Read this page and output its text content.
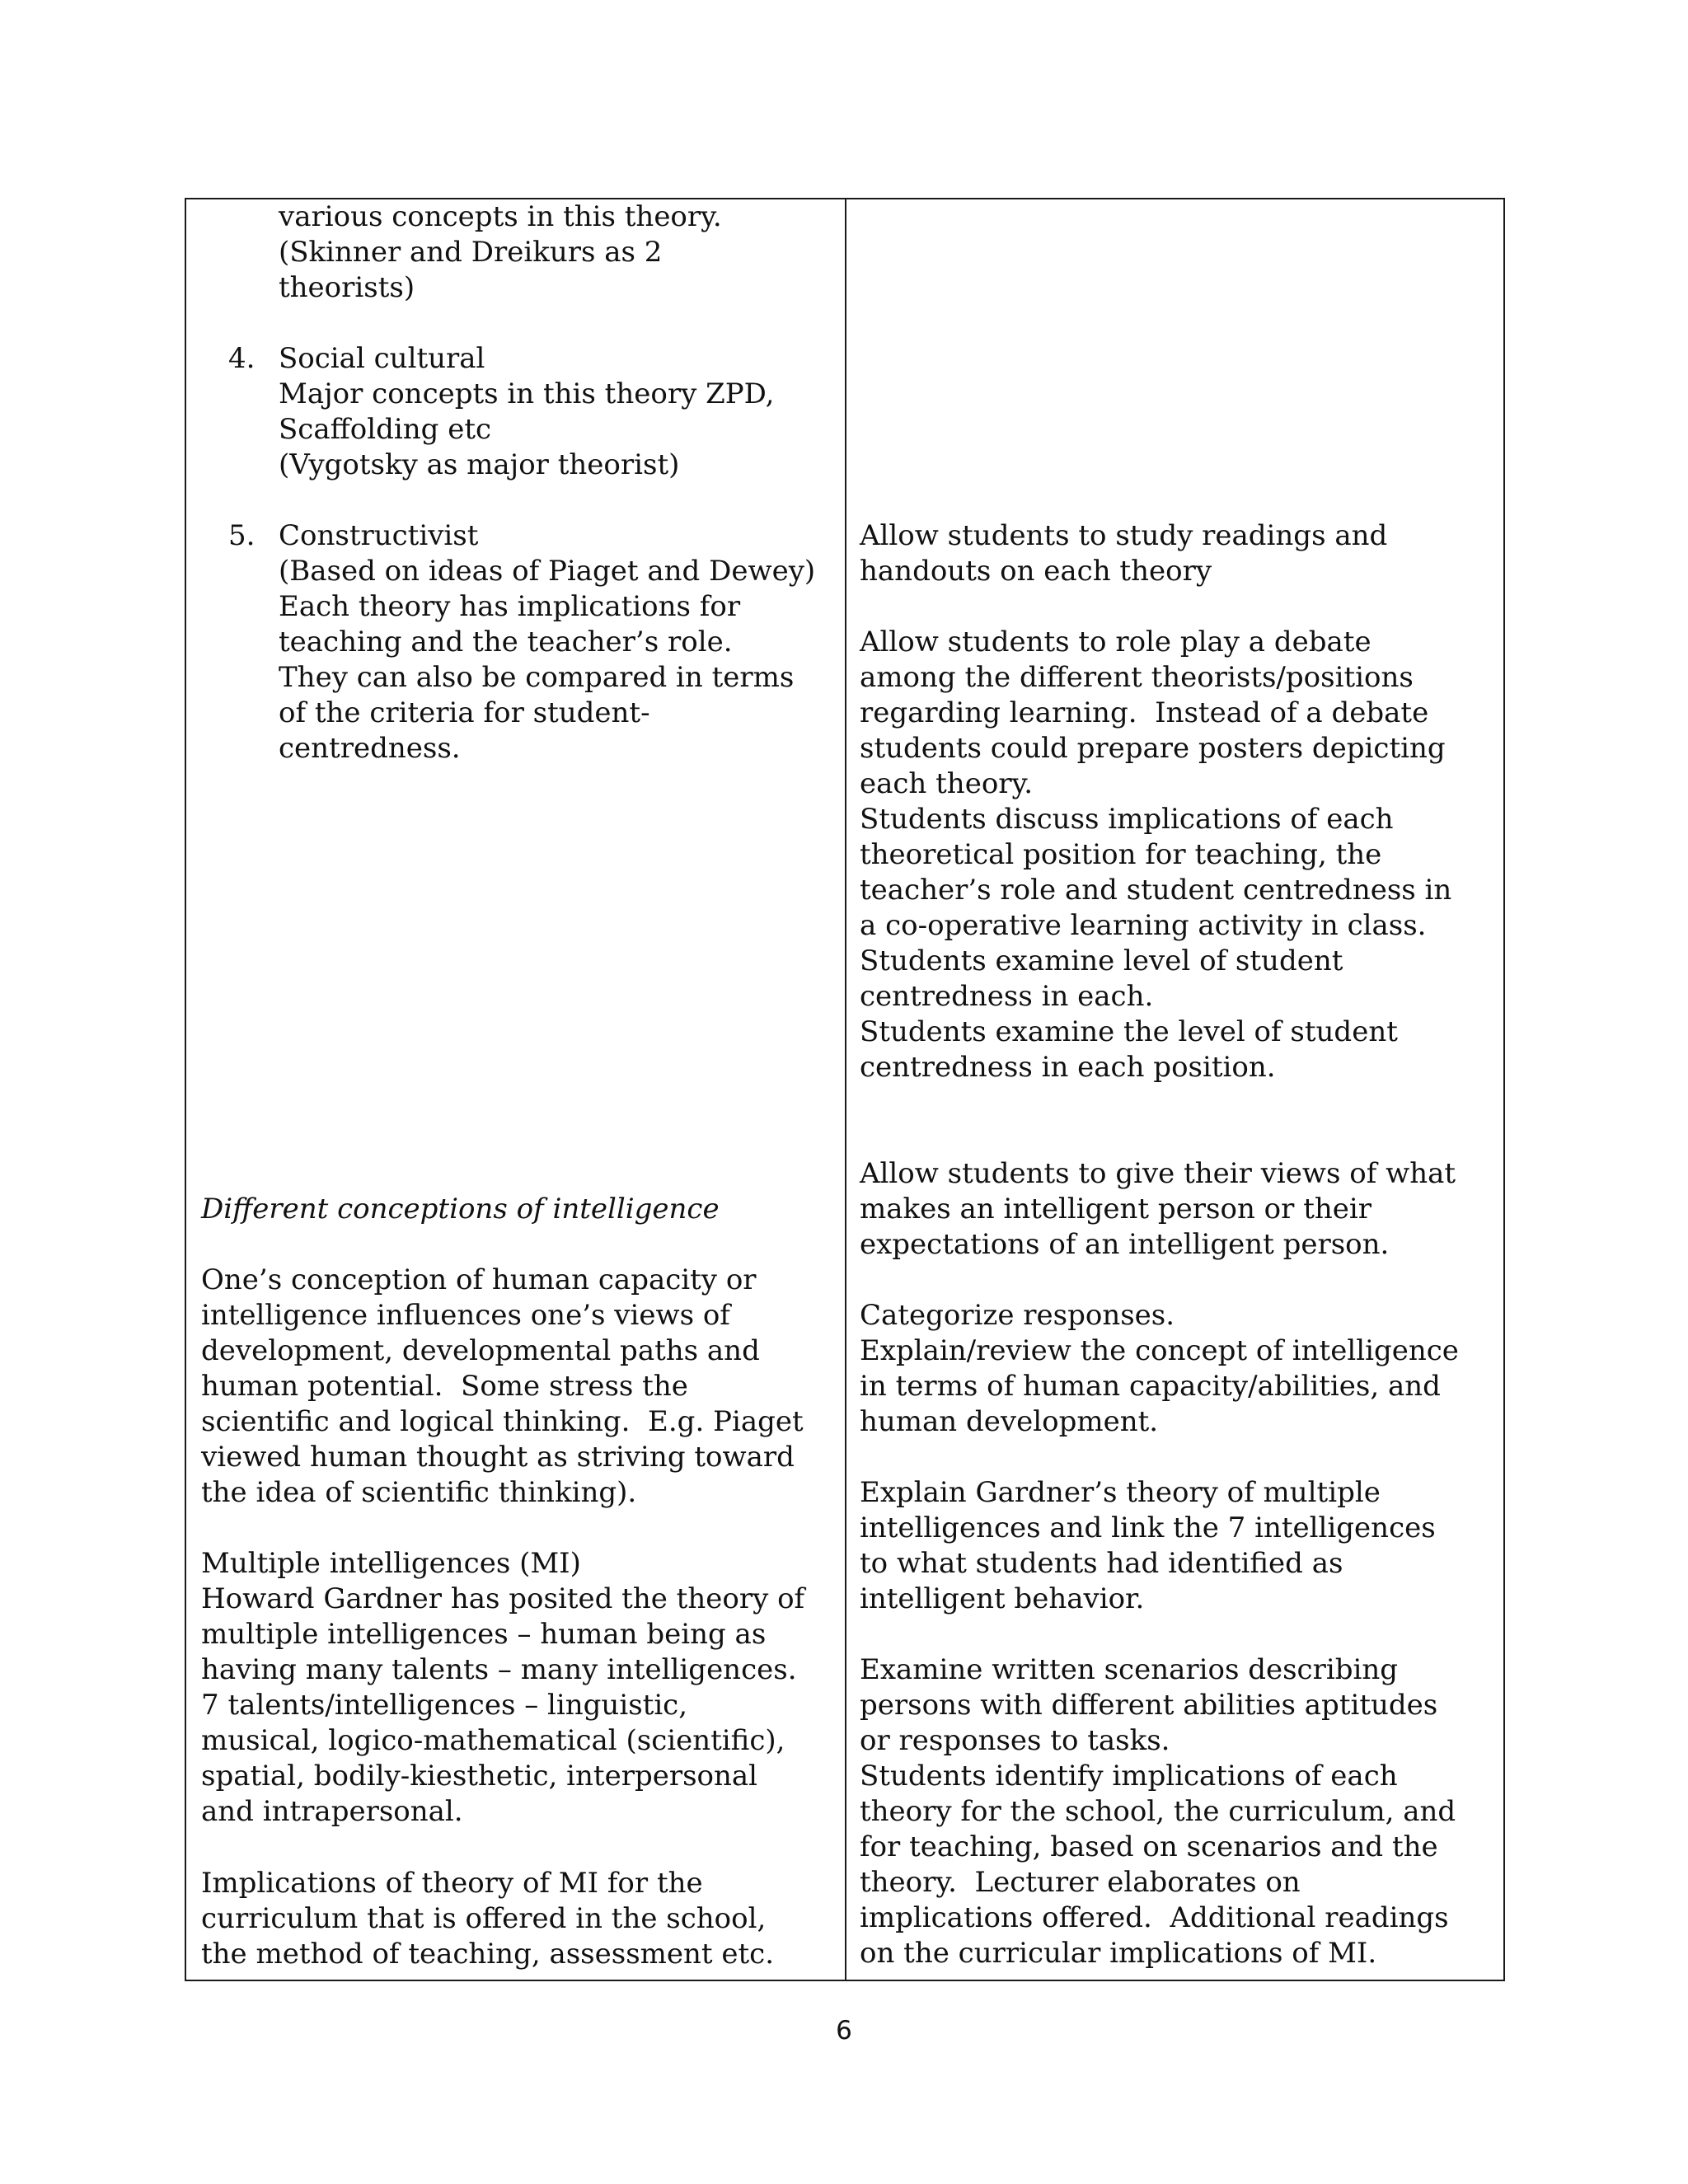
various concepts in this theory.
(Skinner and Dreikurs as 2
theorists)

4. Social cultural
Major concepts in this theory ZPD,
Scaffolding etc
(Vygotsky as major theorist)

5. Constructivist
(Based on ideas of Piaget and Dewey)
Each theory has implications for
teaching and the teacher’s role.
They can also be compared in terms
of the criteria for student-
centredness.

Different conceptions of intelligence

One’s conception of human capacity or
intelligence influences one’s views of
development, developmental paths and
human potential.  Some stress the
scientific and logical thinking.  E.g. Piaget
viewed human thought as striving toward
the idea of scientific thinking).

Multiple intelligences (MI)
Howard Gardner has posited the theory of
multiple intelligences – human being as
having many talents – many intelligences.
7 talents/intelligences – linguistic,
musical, logico-mathematical (scientific),
spatial, bodily-kiesthetic, interpersonal
and intrapersonal.

Implications of theory of MI for the
curriculum that is offered in the school,
the method of teaching, assessment etc.

Allow students to study readings and
handouts on each theory

Allow students to role play a debate
among the different theorists/positions
regarding learning.  Instead of a debate
students could prepare posters depicting
each theory.
Students discuss implications of each
theoretical position for teaching, the
teacher’s role and student centredness in
a co-operative learning activity in class.
Students examine level of student
centredness in each.

Students examine the level of student
centredness in each position.

Allow students to give their views of what
makes an intelligent person or their
expectations of an intelligent person.

Categorize responses.
Explain/review the concept of intelligence
in terms of human capacity/abilities, and
human development.

Explain Gardner’s theory of multiple
intelligences and link the 7 intelligences
to what students had identified as
intelligent behavior.

Examine written scenarios describing
persons with different abilities aptitudes
or responses to tasks.
Students identify implications of each
theory for the school, the curriculum, and
for teaching, based on scenarios and the
theory.  Lecturer elaborates on
implications offered.  Additional readings
on the curricular implications of MI.

6
